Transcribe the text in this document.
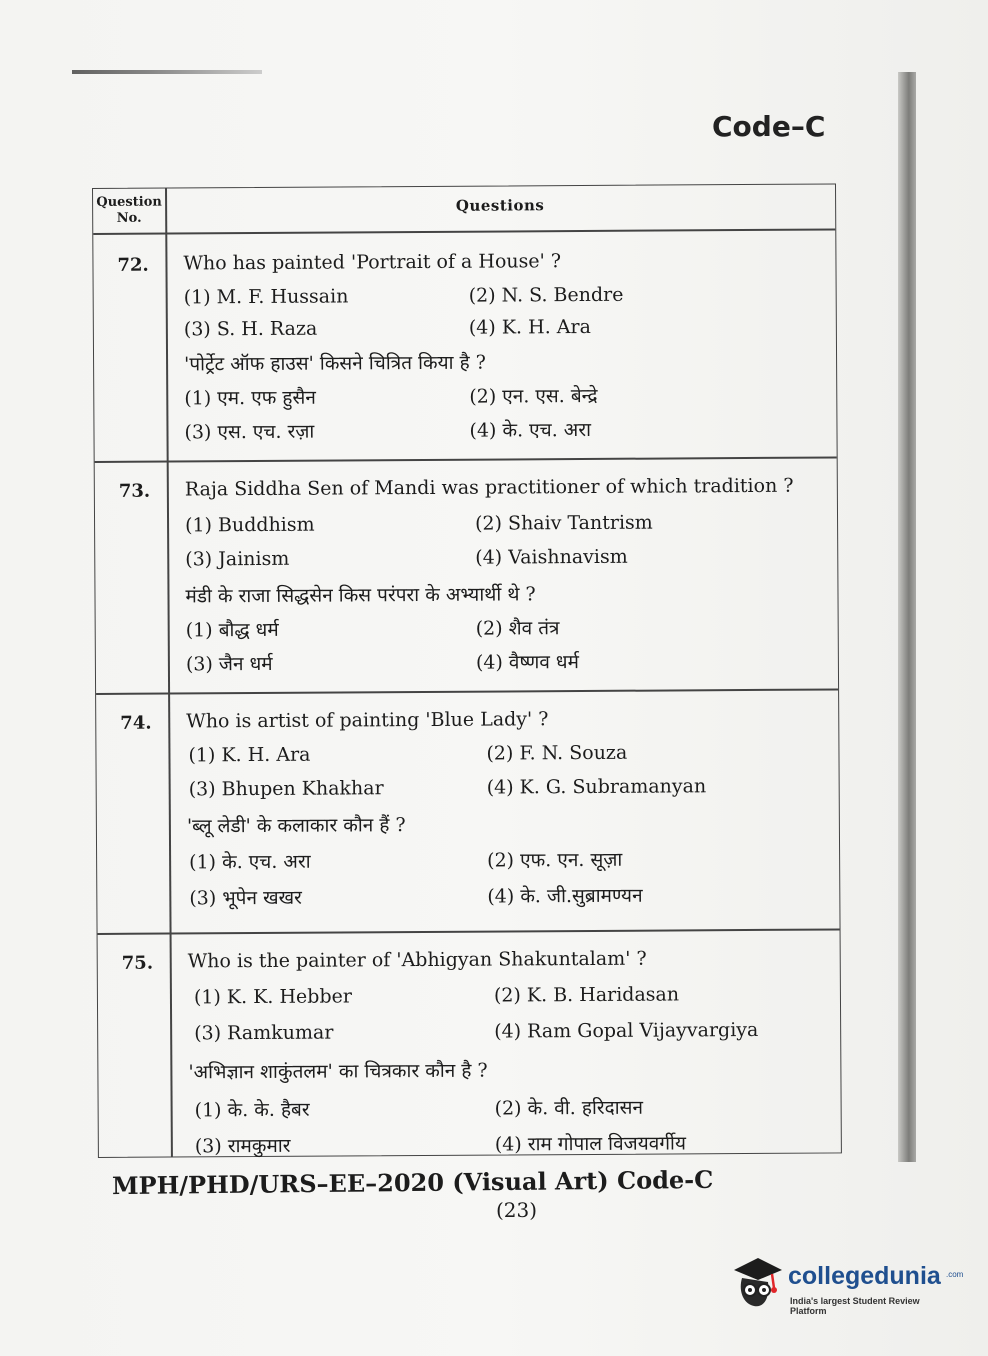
Code–C
Question
No.
Questions
72. Who has painted 'Portrait of a House' ?
(1) M. F. Hussain	(2) N. S. Bendre
(3) S. H. Raza	(4) K. H. Ara
'पोर्ट्रेट ऑफ हाउस' किसने चित्रित किया है ?
(1) एम. एफ हुसैन	(2) एन. एस. बेन्द्रे
(3) एस. एच. रज़ा	(4) के. एच. अरा
73. Raja Siddha Sen of Mandi was practitioner of which tradition ?
(1) Buddhism	(2) Shaiv Tantrism
(3) Jainism	(4) Vaishnavism
मंडी के राजा सिद्धसेन किस परंपरा के अभ्यार्थी थे ?
(1) बौद्ध धर्म	(2) शैव तंत्र
(3) जैन धर्म	(4) वैष्णव धर्म
74. Who is artist of painting 'Blue Lady' ?
(1) K. H. Ara	(2) F. N. Souza
(3) Bhupen Khakhar	(4) K. G. Subramanyan
'ब्लू लेडी' के कलाकार कौन हैं ?
(1) के. एच. अरा	(2) एफ. एन. सूज़ा
(3) भूपेन खखर	(4) के. जी.सुब्रामण्यन
75. Who is the painter of 'Abhigyan Shakuntalam' ?
(1) K. K. Hebber	(2) K. B. Haridasan
(3) Ramkumar	(4) Ram Gopal Vijayvargiya
'अभिज्ञान शाकुंतलम' का चित्रकार कौन है ?
(1) के. के. हैबर	(2) के. वी. हरिदासन
(3) रामकुमार	(4) राम गोपाल विजयवर्गीय
MPH/PHD/URS–EE–2020 (Visual Art) Code-C
(23)
collegedunia .com
India's largest Student Review Platform
